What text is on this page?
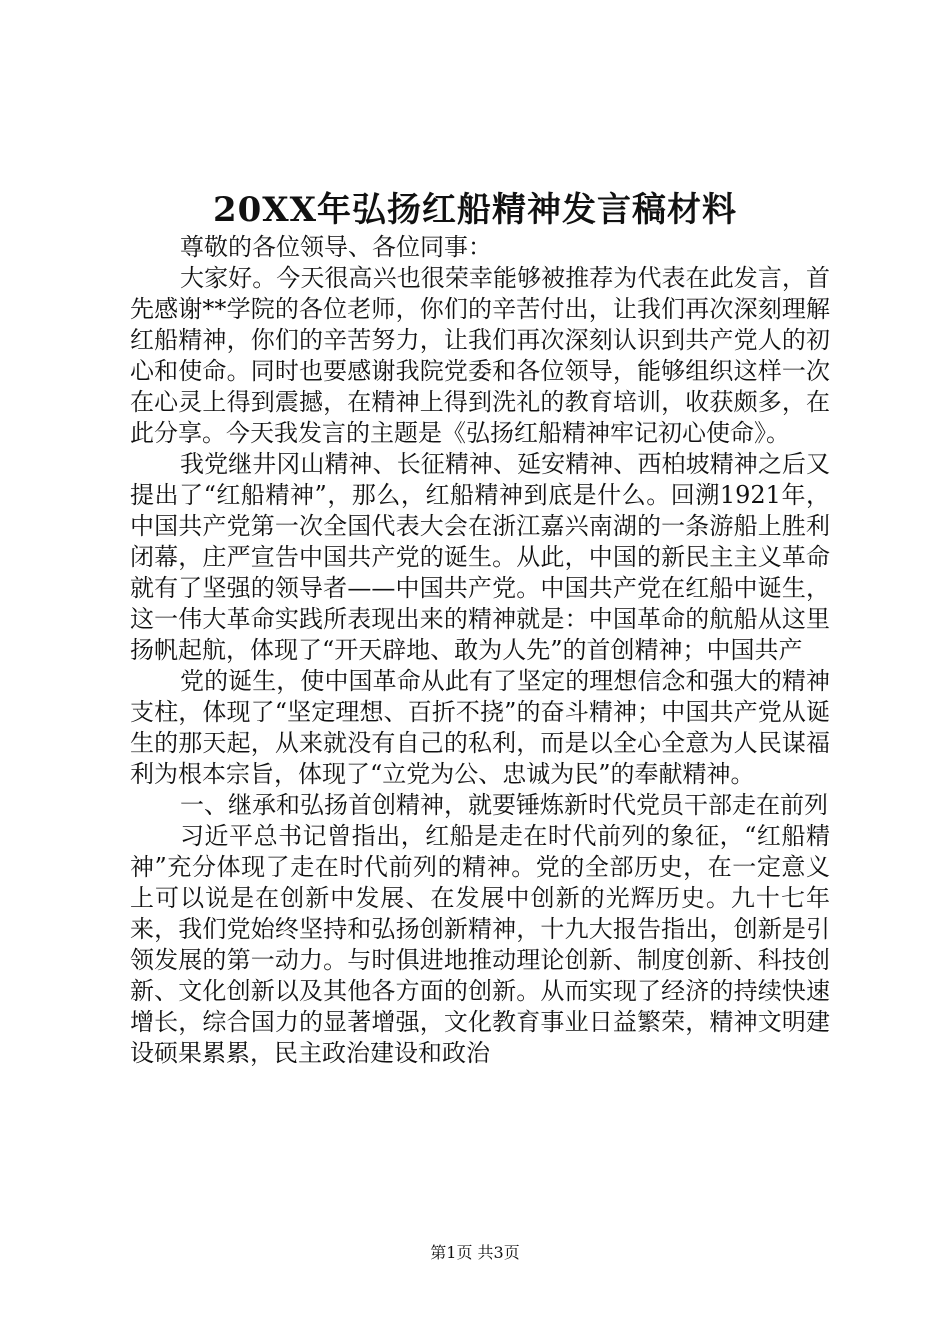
20XX年弘扬红船精神发言稿材料

尊敬的各位领导、各位同事：

大家好。今天很高兴也很荣幸能够被推荐为代表在此发言，首先感谢**学院的各位老师，你们的辛苦付出，让我们再次深刻理解红船精神，你们的辛苦努力，让我们再次深刻认识到共产党人的初心和使命。同时也要感谢我院党委和各位领导，能够组织这样一次在心灵上得到震撼，在精神上得到洗礼的教育培训，收获颇多，在此分享。今天我发言的主题是《弘扬红船精神牢记初心使命》。

我党继井冈山精神、长征精神、延安精神、西柏坡精神之后又提出了“红船精神”，那么，红船精神到底是什么。回溯1921年，中国共产党第一次全国代表大会在浙江嘉兴南湖的一条游船上胜利闭幕，庄严宣告中国共产党的诞生。从此，中国的新民主主义革命就有了坚强的领导者——中国共产党。中国共产党在红船中诞生，这一伟大革命实践所表现出来的精神就是：中国革命的航船从这里扬帆起航，体现了“开天辟地、敢为人先”的首创精神；中国共产

党的诞生，使中国革命从此有了坚定的理想信念和强大的精神支柱，体现了“坚定理想、百折不挠”的奋斗精神；中国共产党从诞生的那天起，从来就没有自己的私利，而是以全心全意为人民谋福利为根本宗旨，体现了“立党为公、忠诚为民”的奉献精神。

一、继承和弘扬首创精神，就要锤炼新时代党员干部走在前列

习近平总书记曾指出，红船是走在时代前列的象征，“红船精神”充分体现了走在时代前列的精神。党的全部历史，在一定意义上可以说是在创新中发展、在发展中创新的光辉历史。九十七年来，我们党始终坚持和弘扬创新精神，十九大报告指出，创新是引领发展的第一动力。与时俱进地推动理论创新、制度创新、科技创新、文化创新以及其他各方面的创新。从而实现了经济的持续快速增长，综合国力的显著增强，文化教育事业日益繁荣，精神文明建设硕果累累，民主政治建设和政治

第1页 共3页
